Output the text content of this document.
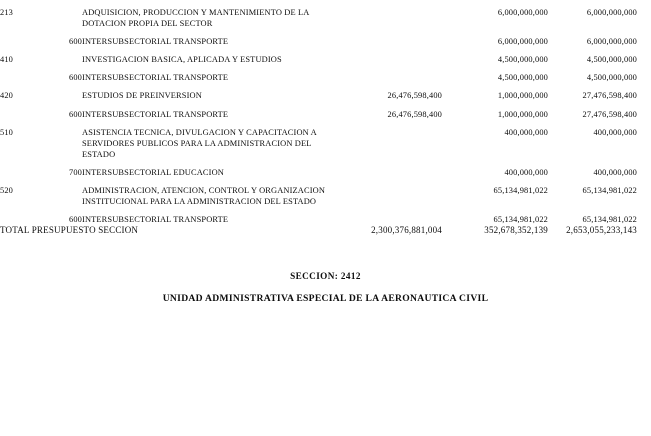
213		ADQUISICION, PRODUCCION Y MANTENIMIENTO DE LA DOTACION PROPIA DEL SECTOR		6,000,000,000	6,000,000,000
	600	INTERSUBSECTORIAL TRANSPORTE		6,000,000,000	6,000,000,000
410		INVESTIGACION BASICA, APLICADA Y ESTUDIOS		4,500,000,000	4,500,000,000
	600	INTERSUBSECTORIAL TRANSPORTE		4,500,000,000	4,500,000,000
420		ESTUDIOS DE PREINVERSION	26,476,598,400	1,000,000,000	27,476,598,400
	600	INTERSUBSECTORIAL TRANSPORTE	26,476,598,400	1,000,000,000	27,476,598,400
510		ASISTENCIA TECNICA, DIVULGACION Y CAPACITACION A SERVIDORES PUBLICOS PARA LA ADMINISTRACION DEL ESTADO		400,000,000	400,000,000
	700	INTERSUBSECTORIAL EDUCACION		400,000,000	400,000,000
520		ADMINISTRACION, ATENCION, CONTROL Y ORGANIZACION INSTITUCIONAL PARA LA ADMINISTRACION DEL ESTADO		65,134,981,022	65,134,981,022
	600	INTERSUBSECTORIAL TRANSPORTE		65,134,981,022	65,134,981,022
TOTAL PRESUPUESTO SECCION			2,300,376,881,004	352,678,352,139	2,653,055,233,143
SECCION: 2412
UNIDAD ADMINISTRATIVA ESPECIAL DE LA AERONAUTICA CIVIL
